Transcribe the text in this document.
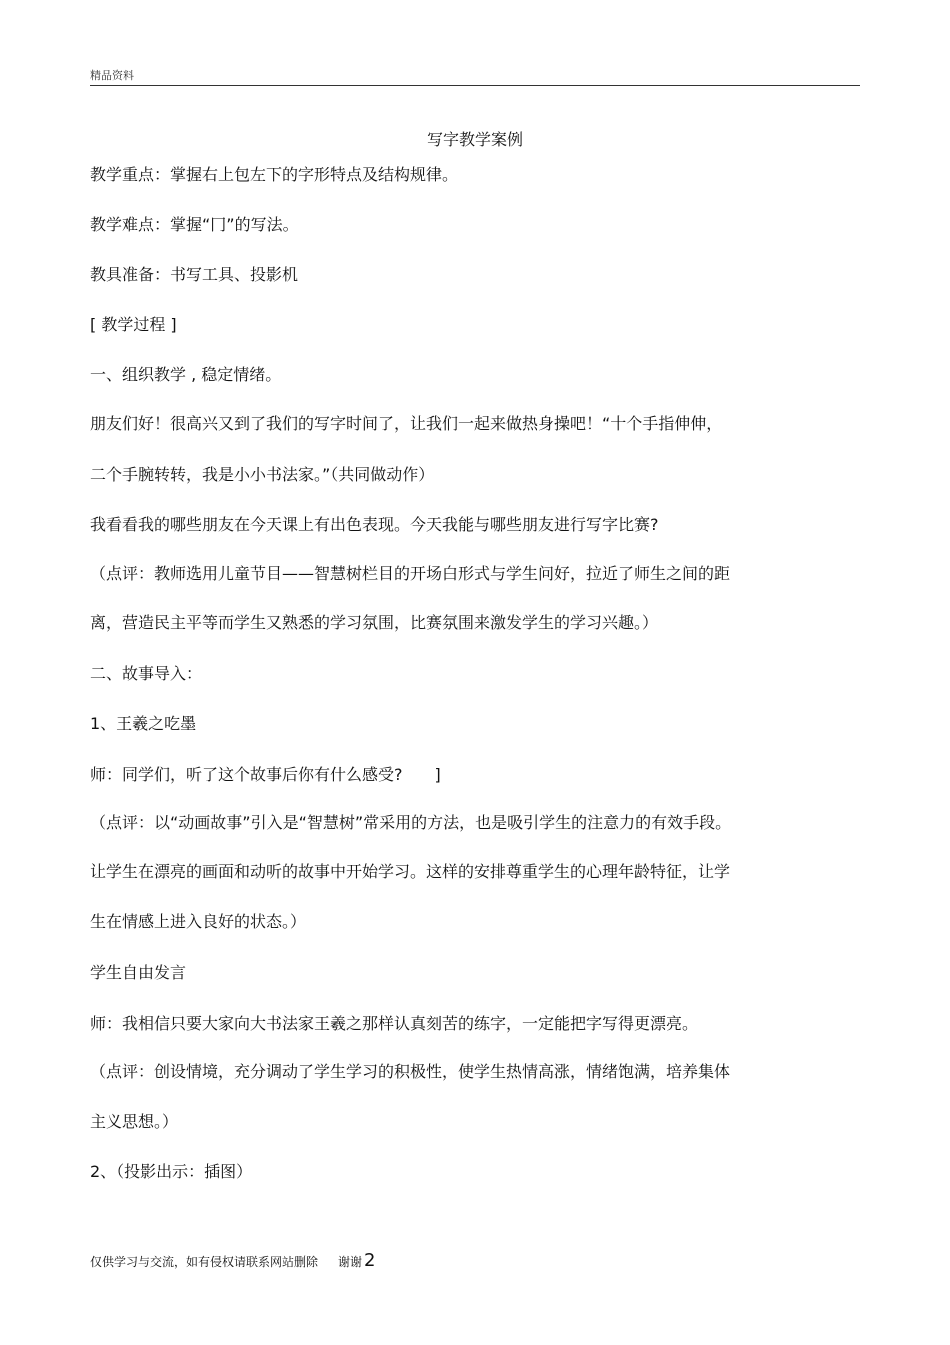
精品资料
写字教学案例
教学重点：掌握右上包左下的字形特点及结构规律。
教学难点：掌握“冂”的写法。
教具准备：书写工具、投影机
[ 教学过程 ]
一、组织教学 , 稳定情绪。
朋友们好！很高兴又到了我们的写字时间了，让我们一起来做热身操吧！“十个手指伸伸，
二个手腕转转，我是小小书法家。”（共同做动作）
我看看我的哪些朋友在今天课上有出色表现。今天我能与哪些朋友进行写字比赛?
（点评：教师选用儿童节目——智慧树栏目的开场白形式与学生问好，拉近了师生之间的距
离，营造民主平等而学生又熟悉的学习氛围，比赛氛围来激发学生的学习兴趣。）
二、故事导入：
1、王羲之吃墨
师：同学们，听了这个故事后你有什么感受?　　]
（点评：以“动画故事”引入是“智慧树”常采用的方法，也是吸引学生的注意力的有效手段。
让学生在漂亮的画面和动听的故事中开始学习。这样的安排尊重学生的心理年龄特征，让学
生在情感上进入良好的状态。）
学生自由发言
师：我相信只要大家向大书法家王羲之那样认真刻苦的练字，一定能把字写得更漂亮。
（点评：创设情境，充分调动了学生学习的积极性，使学生热情高涨，情绪饱满，培养集体
主义思想。）
2、（投影出示：插图）
仅供学习与交流，如有侵权请联系网站删除 谢谢 2
